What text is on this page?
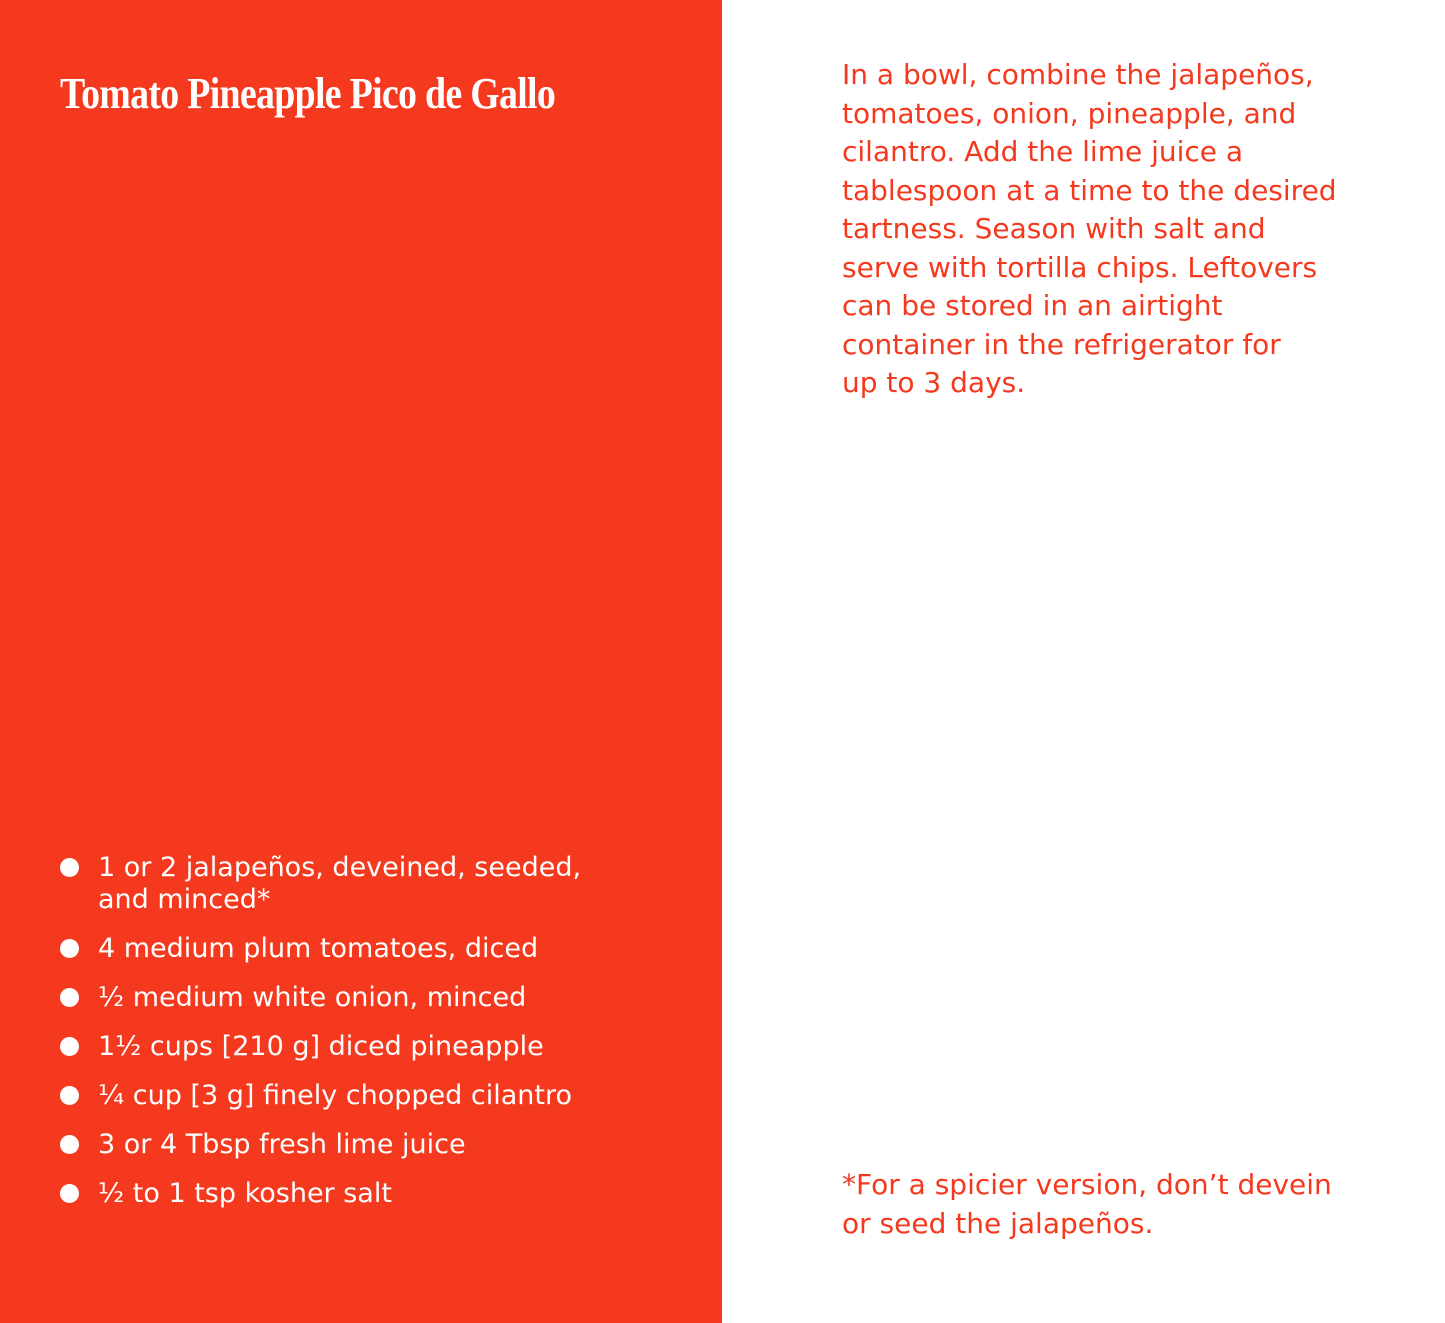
Tomato Pineapple Pico de Gallo
1 or 2 jalapeños, deveined, seeded, and minced*
4 medium plum tomatoes, diced
½ medium white onion, minced
1½ cups [210 g] diced pineapple
¼ cup [3 g] finely chopped cilantro
3 or 4 Tbsp fresh lime juice
½ to 1 tsp kosher salt

In a bowl, combine the jalapeños,
tomatoes, onion, pineapple, and
cilantro. Add the lime juice a
tablespoon at a time to the desired
tartness. Season with salt and
serve with tortilla chips. Leftovers
can be stored in an airtight
container in the refrigerator for
up to 3 days.

*For a spicier version, don’t devein
or seed the jalapeños.
